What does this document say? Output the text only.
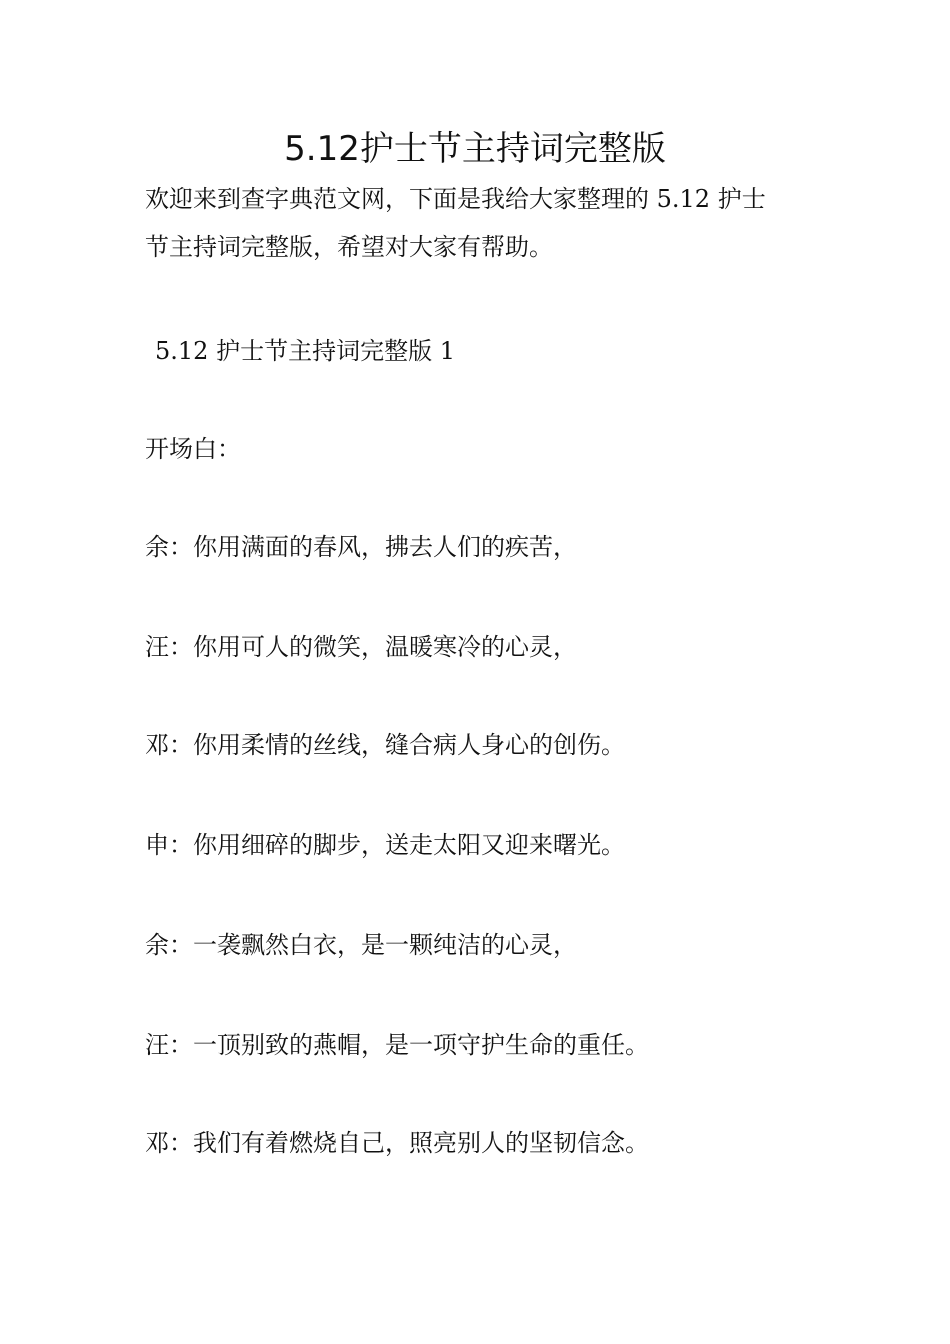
5.12护士节主持词完整版
欢迎来到查字典范文网，下面是我给大家整理的 5.12 护士
节主持词完整版，希望对大家有帮助。
5.12 护士节主持词完整版 1
开场白：
余：你用满面的春风，拂去人们的疾苦，
汪：你用可人的微笑，温暖寒冷的心灵，
邓：你用柔情的丝线，缝合病人身心的创伤。
申：你用细碎的脚步，送走太阳又迎来曙光。
余：一袭飘然白衣，是一颗纯洁的心灵，
汪：一顶别致的燕帽，是一项守护生命的重任。
邓：我们有着燃烧自己，照亮别人的坚韧信念。
